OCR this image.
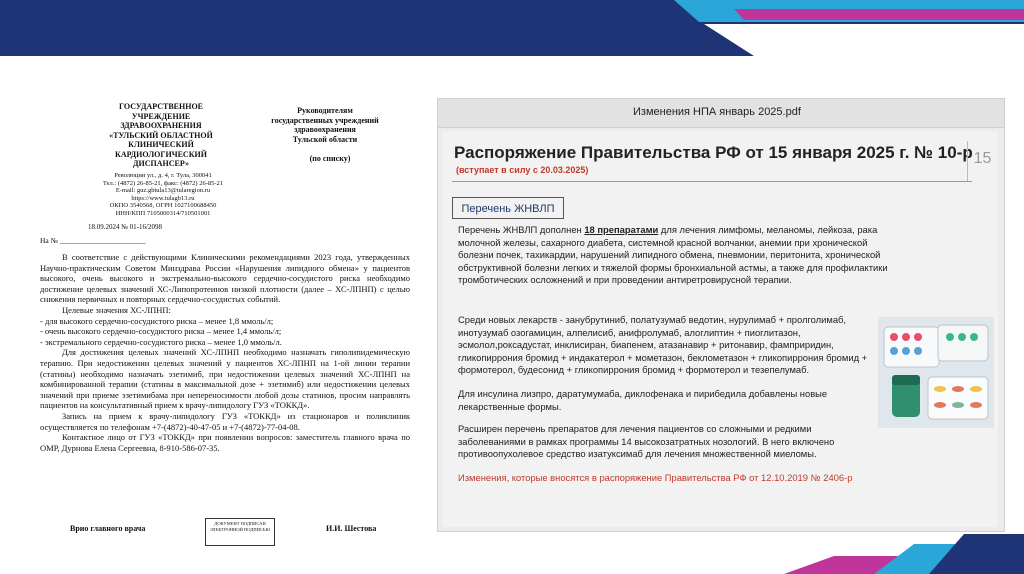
ГОСУДАРСТВЕННОЕ
УЧРЕЖДЕНИЕ
ЗДРАВООХРАНЕНИЯ
«ТУЛЬСКИЙ ОБЛАСТНОЙ
КЛИНИЧЕСКИЙ
КАРДИОЛОГИЧЕСКИЙ
ДИСПАНСЕР»
Революции ул., д. 4, г. Тула, 300041
Тел.: (4872) 26-85-21, факс: (4872) 26-85-21
E-mail: guz.gbtula13@tularegion.ru
https://www.tulagb13.ru
ОКПО 3540568, ОГРН 1027100688450
ИНН/КПП 7105000314/710501001
Руководителям
государственных учреждений
здравоохранения
Тульской области
(по списку)
18.09.2024 № 01-16/2098
На № _______________________

В соответствие с действующими Клиническими рекомендациями 2023 года, утвержденных Научно-практическим Советом Минздрава России «Нарушения липидного обмена» у пациентов высокого, очень высокого и экстремально-высокого сердечно-сосудистого риска необходимо достижение целевых значений ХС-Липопротеинов низкой плотности (далее – ХС-ЛПНП) с целью снижения первичных и повторных сердечно-сосудистых событий.

Целевые значения ХС-ЛПНП:

- для высокого сердечно-сосудистого риска – менее 1,8 ммоль/л;

- очень высокого сердечно-сосудистого риска – менее 1,4 ммоль/л;

- экстремального сердечно-сосудистого риска – менее 1,0 ммоль/л.

Для достижения целевых значений ХС-ЛПНП необходимо назначать гиполипидемическую терапию. При недостижении целевых значений у пациентов ХС-ЛПНП на 1-ой линии терапии (статины) необходимо назначать эзетимиб, при недостижении целевых значений ХС-ЛПНП на комбинированной терапии (статины в максимальной дозе + эзетимиб) или недостижении целевых значений при приеме эзетимибама при непереносимости любой дозы статинов, просим направлять пациентов на консультативный прием к врачу-липидологу ГУЗ «ТОККД».

Запись на прием к врачу-липидологу ГУЗ «ТОККД» из стационаров и поликлиник осуществляется по телефонам +7-(4872)-40-47-05 и +7-(4872)-77-04-08.

Контактное лицо от ГУЗ «ТОККД» при появлении вопросов: заместитель главного врача по ОМР, Дурнова Елена Сергеевна, 8-910-586-07-35.

Врио главного врача
ДОКУМЕНТ ПОДПИСАН ЭЛЕКТРОННОЙ ПОДПИСЬЮ	И.И. Шестова
Изменения НПА январь 2025.pdf
Распоряжение Правительства РФ от 15 января 2025 г. № 10-р
(вступает в силу с 20.03.2025)
15
Перечень ЖНВЛП
Перечень ЖНВЛП дополнен 18 препаратами для лечения лимфомы, меланомы, лейкоза, рака молочной железы, сахарного диабета, системной красной волчанки, анемии при хронической болезни почек, тахикардии, нарушений липидного обмена, пневмонии, перитонита, хронической обструктивной болезни легких и тяжелой формы бронхиальной астмы, а также для профилактики тромботических осложнений и при проведении антиретровирусной терапии.
Среди новых лекарств - занубрутиниб, полатузумаб ведотин, нурулимаб + пролголимаб, инотузумаб озогамицин, алпелисиб, анифролумаб, алоглиптин + пиоглитазон, эсмолол,роксадустат, инклисиран, биапенем, атазанавир + ритонавир, фамприридин, гликопиррония бромид + индакатерол + мометазон, беклометазон + гликопиррония бромид + формотерол, будесонид + гликопиррония бромид + формотерол и тезепелумаб.
Для инсулина лизпро, даратумумаба, диклофенака и пирибедила добавлены новые лекарственные формы.
Расширен перечень препаратов для лечения пациентов со сложными и редкими заболеваниями в рамках программы 14 высокозатратных нозологий. В него включено противоопухолевое средство изатуксимаб для лечения множественной миеломы.
Изменения, которые вносятся в распоряжение Правительства РФ от 12.10.2019 № 2406-р
